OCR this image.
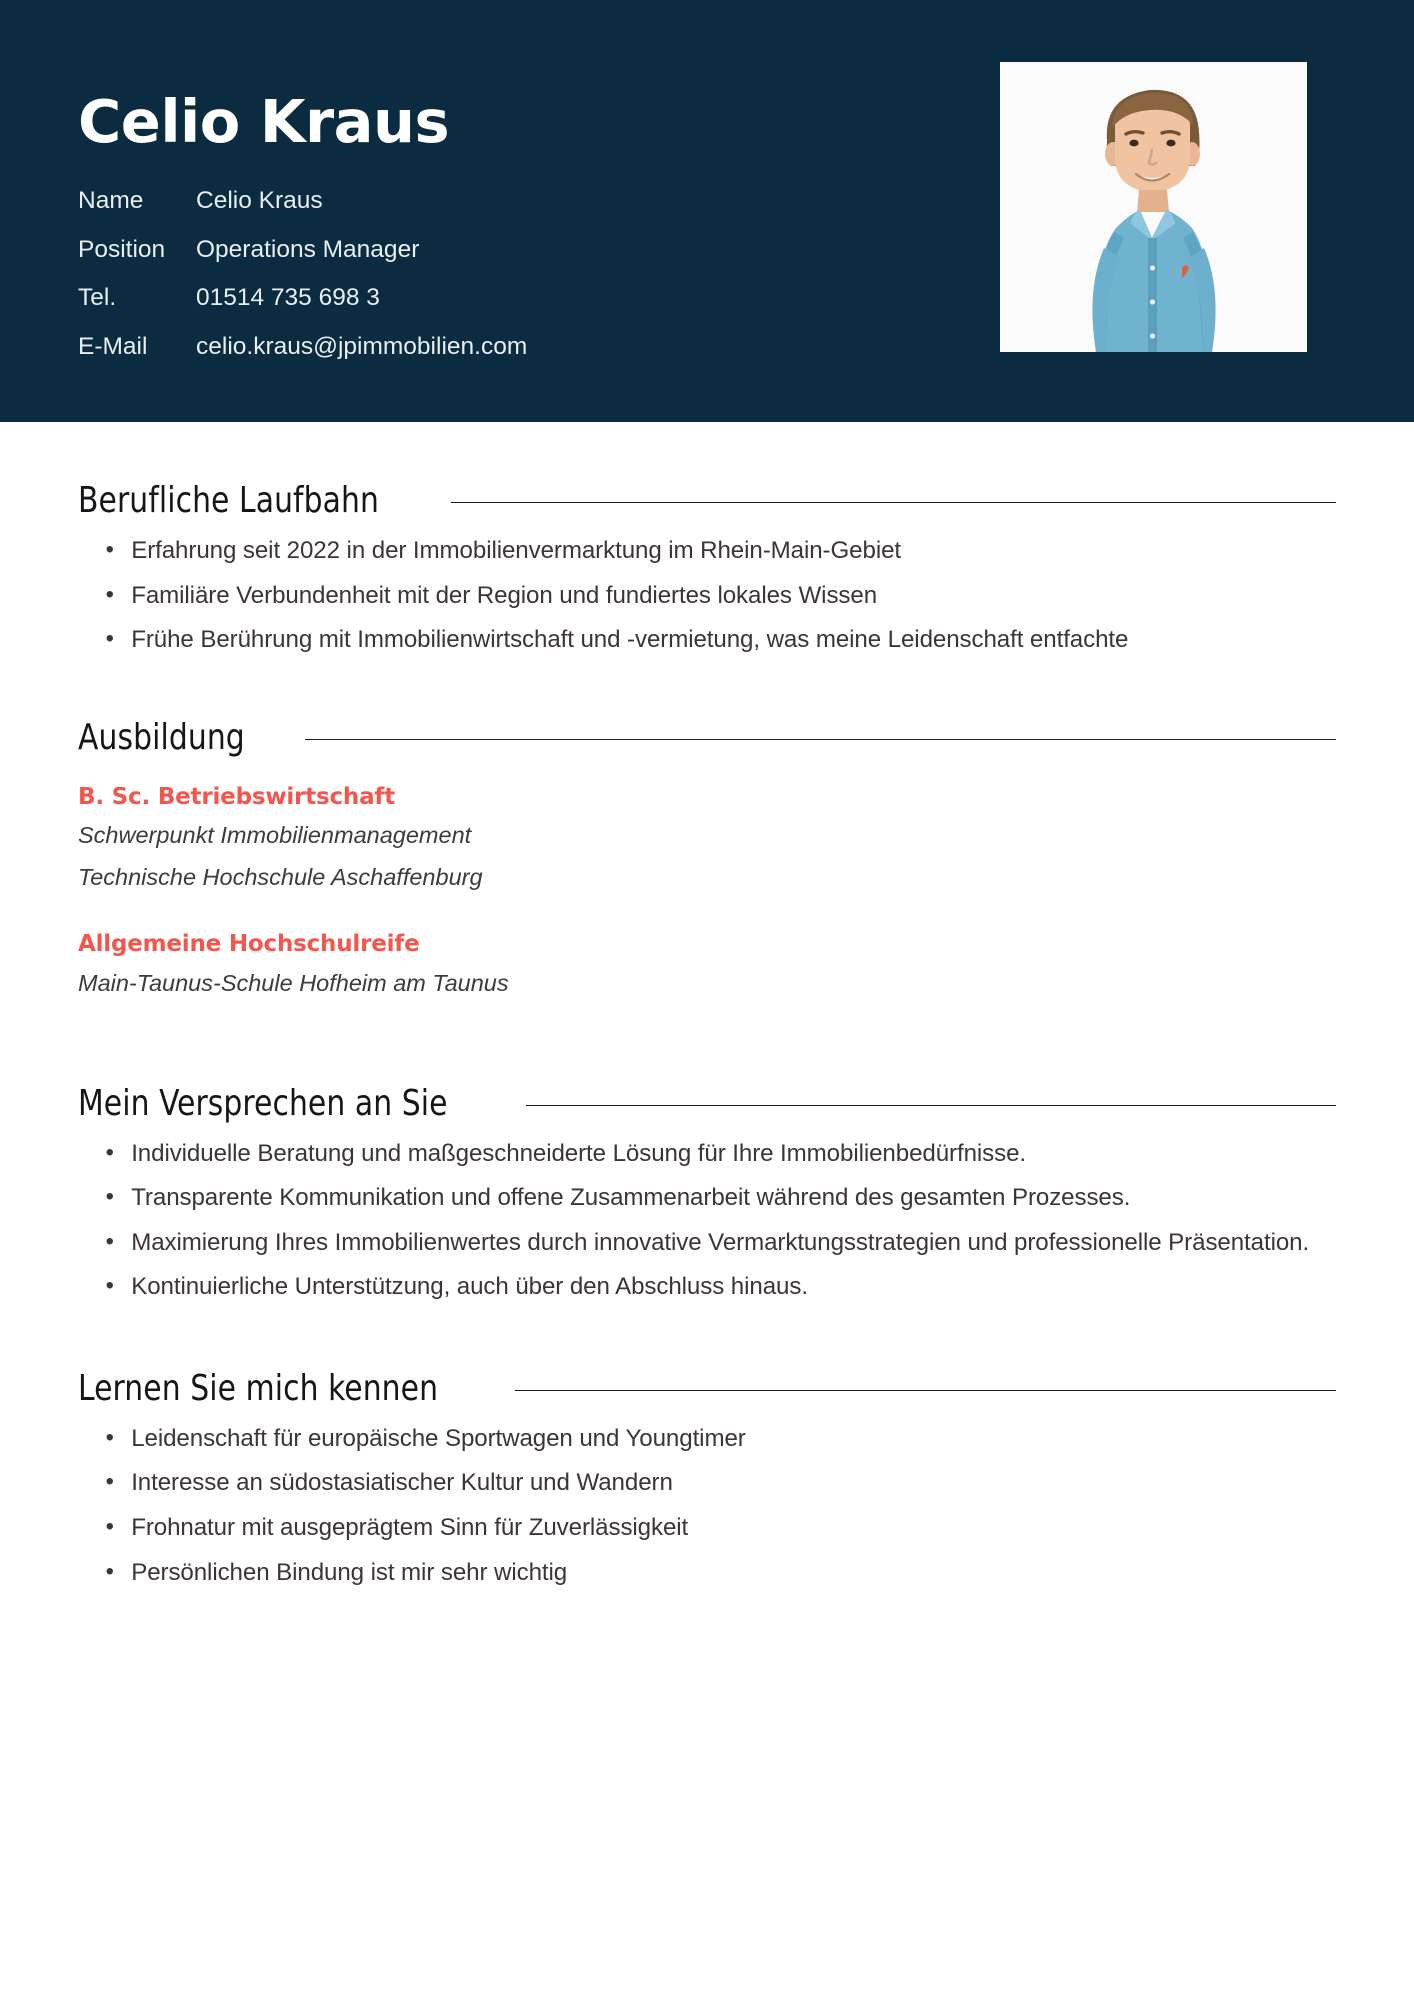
Celio Kraus
Name	Celio Kraus
Position	Operations Manager
Tel.	01514 735 698 3
E-Mail	celio.kraus@jpimmobilien.com
Berufliche Laufbahn
• Erfahrung seit 2022 in der Immobilienvermarktung im Rhein-Main-Gebiet
• Familiäre Verbundenheit mit der Region und fundiertes lokales Wissen
• Frühe Berührung mit Immobilienwirtschaft und -vermietung, was meine Leidenschaft entfachte
Ausbildung
B. Sc. Betriebswirtschaft
Schwerpunkt Immobilienmanagement
Technische Hochschule Aschaffenburg
Allgemeine Hochschulreife
Main-Taunus-Schule Hofheim am Taunus
Mein Versprechen an Sie
• Individuelle Beratung und maßgeschneiderte Lösung für Ihre Immobilienbedürfnisse.
• Transparente Kommunikation und offene Zusammenarbeit während des gesamten Prozesses.
• Maximierung Ihres Immobilienwertes durch innovative Vermarktungsstrategien und professionelle Präsentation.
• Kontinuierliche Unterstützung, auch über den Abschluss hinaus.
Lernen Sie mich kennen
• Leidenschaft für europäische Sportwagen und Youngtimer
• Interesse an südostasiatischer Kultur und Wandern
• Frohnatur mit ausgeprägtem Sinn für Zuverlässigkeit
• Persönlichen Bindung ist mir sehr wichtig
